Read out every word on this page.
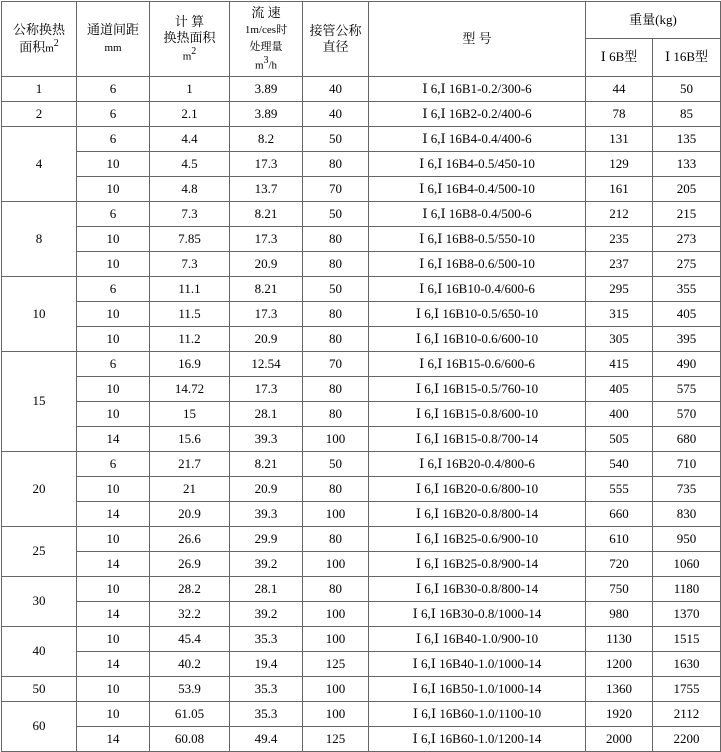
公称换热
面积$m^2$	通道间距
mm	计 算
换热面积
$m^2$	流 速
1m/ces时
处理量
$m^3/h$	接管公称
直径	型 号	重量(kg)	
						Ⅰ 6B型	Ⅰ 16B型
1	6	1	3.89	40	Ⅰ 6,Ⅰ 16B1-0.2/300-6	44	50
2	6	2.1	3.89	40	Ⅰ 6,Ⅰ 16B2-0.2/400-6	78	85
4	6	4.4	8.2	50	Ⅰ 6,Ⅰ 16B4-0.4/400-6	131	135
	10	4.5	17.3	80	Ⅰ 6,Ⅰ 16B4-0.5/450-10	129	133
	10	4.8	13.7	70	Ⅰ 6,Ⅰ 16B4-0.4/500-10	161	205
8	6	7.3	8.21	50	Ⅰ 6,Ⅰ 16B8-0.4/500-6	212	215
	10	7.85	17.3	80	Ⅰ 6,Ⅰ 16B8-0.5/550-10	235	273
	10	7.3	20.9	80	Ⅰ 6,Ⅰ 16B8-0.6/500-10	237	275
10	6	11.1	8.21	50	Ⅰ 6,Ⅰ 16B10-0.4/600-6	295	355
	10	11.5	17.3	80	Ⅰ 6,Ⅰ 16B10-0.5/650-10	315	405
	10	11.2	20.9	80	Ⅰ 6,Ⅰ 16B10-0.6/600-10	305	395
15	6	16.9	12.54	70	Ⅰ 6,Ⅰ 16B15-0.6/600-6	415	490
	10	14.72	17.3	80	Ⅰ 6,Ⅰ 16B15-0.5/760-10	405	575
	10	15	28.1	80	Ⅰ 6,Ⅰ 16B15-0.8/600-10	400	570
	14	15.6	39.3	100	Ⅰ 6,Ⅰ 16B15-0.8/700-14	505	680
20	6	21.7	8.21	50	Ⅰ 6,Ⅰ 16B20-0.4/800-6	540	710
	10	21	20.9	80	Ⅰ 6,Ⅰ 16B20-0.6/800-10	555	735
	14	20.9	39.3	100	Ⅰ 6,Ⅰ 16B20-0.8/800-14	660	830
25	10	26.6	29.9	80	Ⅰ 6,Ⅰ 16B25-0.6/900-10	610	950
	14	26.9	39.2	100	Ⅰ 6,Ⅰ 16B25-0.8/900-14	720	1060
30	10	28.2	28.1	80	Ⅰ 6,Ⅰ 16B30-0.8/800-14	750	1180
	14	32.2	39.2	100	Ⅰ 6,Ⅰ 16B30-0.8/1000-14	980	1370
40	10	45.4	35.3	100	Ⅰ 6,Ⅰ 16B40-1.0/900-10	1130	1515
	14	40.2	19.4	125	Ⅰ 6,Ⅰ 16B40-1.0/1000-14	1200	1630
50	10	53.9	35.3	100	Ⅰ 6,Ⅰ 16B50-1.0/1000-14	1360	1755
60	10	61.05	35.3	100	Ⅰ 6,Ⅰ 16B60-1.0/1100-10	1920	2112
	14	60.08	49.4	125	Ⅰ 6,Ⅰ 16B60-1.0/1200-14	2000	2200
